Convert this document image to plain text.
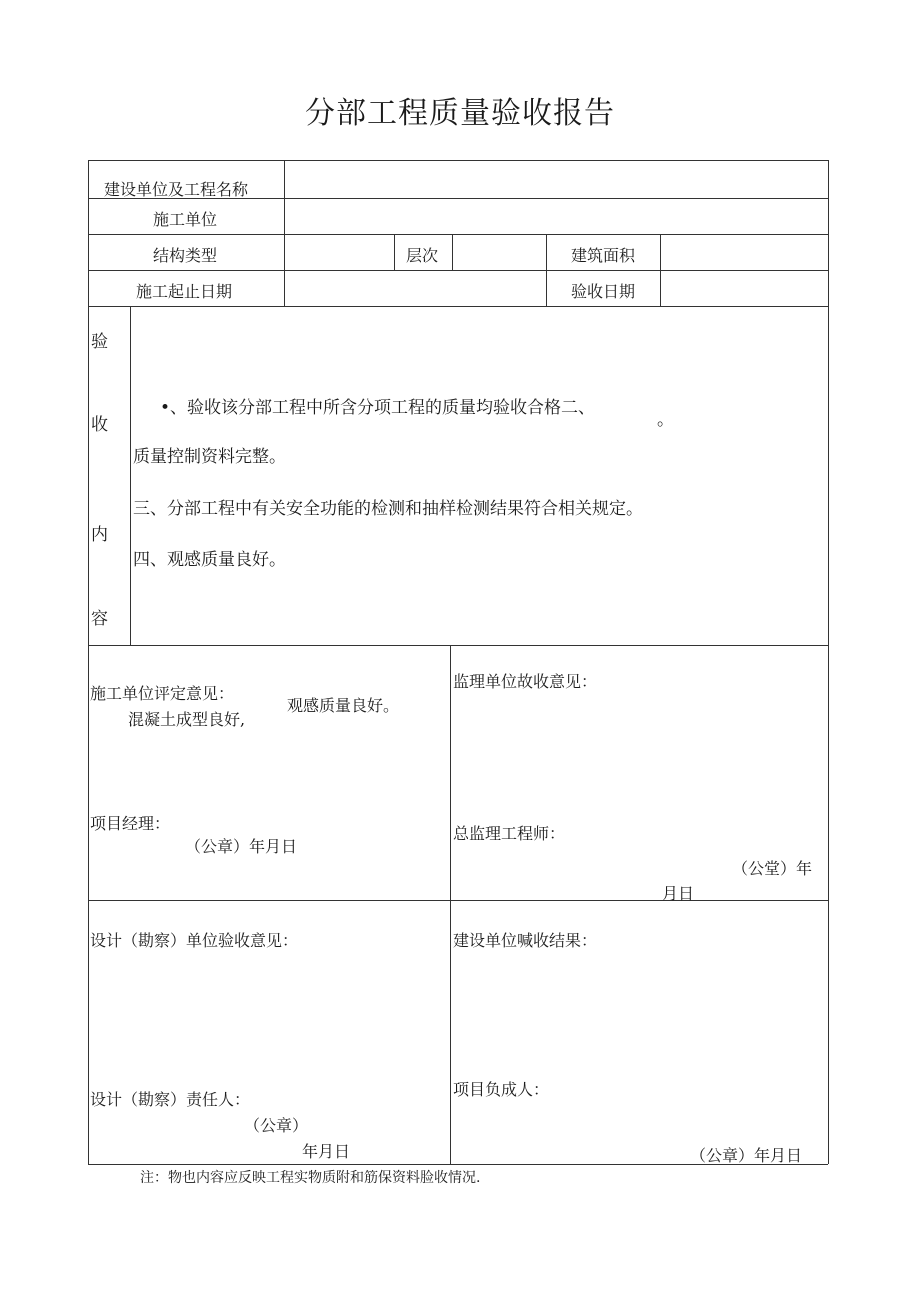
分部工程质量验收报告
建设单位及工程名称
施工单位
结构类型	层次	建筑面积
施工起止日期	验收日期
验
收
内
容
•、验收该分部工程中所含分项工程的质量均验收合格二、
。
质量控制资料完整。
三、分部工程中有关安全功能的检测和抽样检测结果符合相关规定。
四、观感质量良好。
施工单位评定意见：
混凝土成型良好,
观感质量良好。
项目经理：
（公章）年月日
监理单位故收意见：
总监理工程师：
（公堂）年
月日
设计（勘察）单位验收意见：
设计（勘察）责任人：
（公章）
年月日
建设单位喊收结果：
项目负成人：
（公章）年月日
注：物也内容应反映工程实物质附和筋保资料脸收情况.
